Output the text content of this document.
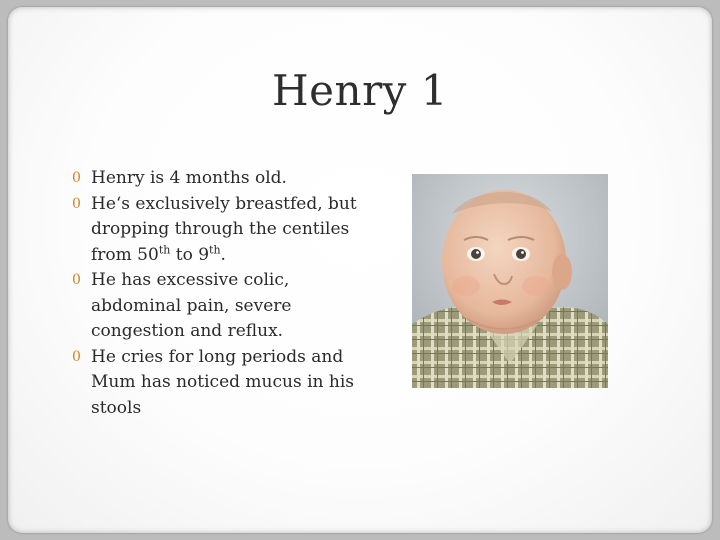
Henry 1
0 Henry is 4 months old.
0 He‘s exclusively breastfed, but dropping through the centiles from 50th to 9th.
0 He has excessive colic, abdominal pain, severe congestion and reflux.
0 He cries for long periods and Mum has noticed mucus in his stools
